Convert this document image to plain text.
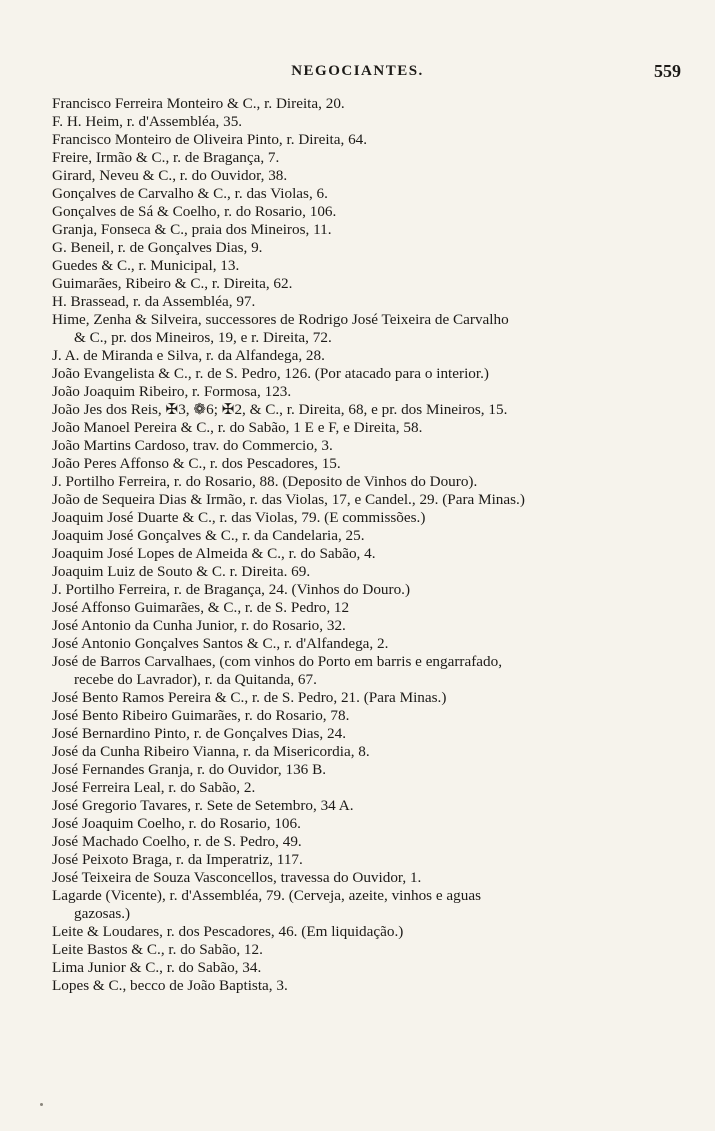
NEGOCIANTES.	559
Francisco Ferreira Monteiro & C., r. Direita, 20.
F. H. Heim, r. d'Assembléa, 35.
Francisco Monteiro de Oliveira Pinto, r. Direita, 64.
Freire, Irmão & C., r. de Bragança, 7.
Girard, Neveu & C., r. do Ouvidor, 38.
Gonçalves de Carvalho & C., r. das Violas, 6.
Gonçalves de Sá & Coelho, r. do Rosario, 106.
Granja, Fonseca & C., praia dos Mineiros, 11.
G. Beneil, r. de Gonçalves Dias, 9.
Guedes & C., r. Municipal, 13.
Guimarães, Ribeiro & C., r. Direita, 62.
H. Brassead, r. da Assembléa, 97.
Hime, Zenha & Silveira, successores de Rodrigo José Teixeira de Carvalho
& C., pr. dos Mineiros, 19, e r. Direita, 72.
J. A. de Miranda e Silva, r. da Alfandega, 28.
João Evangelista & C., r. de S. Pedro, 126. (Por atacado para o interior.)
João Joaquim Ribeiro, r. Formosa, 123.
João Jes dos Reis, ✠3, ❁6; ✠2, & C., r. Direita, 68, e pr. dos Mineiros, 15.
João Manoel Pereira & C., r. do Sabão, 1 E e F, e Direita, 58.
João Martins Cardoso, trav. do Commercio, 3.
João Peres Affonso & C., r. dos Pescadores, 15.
J. Portilho Ferreira, r. do Rosario, 88. (Deposito de Vinhos do Douro).
João de Sequeira Dias & Irmão, r. das Violas, 17, e Candel., 29. (Para Minas.)
Joaquim José Duarte & C., r. das Violas, 79. (E commissões.)
Joaquim José Gonçalves & C., r. da Candelaria, 25.
Joaquim José Lopes de Almeida & C., r. do Sabão, 4.
Joaquim Luiz de Souto & C. r. Direita. 69.
J. Portilho Ferreira, r. de Bragança, 24. (Vinhos do Douro.)
José Affonso Guimarães, & C., r. de S. Pedro, 12
José Antonio da Cunha Junior, r. do Rosario, 32.
José Antonio Gonçalves Santos & C., r. d'Alfandega, 2.
José de Barros Carvalhaes, (com vinhos do Porto em barris e engarrafado,
recebe do Lavrador), r. da Quitanda, 67.
José Bento Ramos Pereira & C., r. de S. Pedro, 21. (Para Minas.)
José Bento Ribeiro Guimarães, r. do Rosario, 78.
José Bernardino Pinto, r. de Gonçalves Dias, 24.
José da Cunha Ribeiro Vianna, r. da Misericordia, 8.
José Fernandes Granja, r. do Ouvidor, 136 B.
José Ferreira Leal, r. do Sabão, 2.
José Gregorio Tavares, r. Sete de Setembro, 34 A.
José Joaquim Coelho, r. do Rosario, 106.
José Machado Coelho, r. de S. Pedro, 49.
José Peixoto Braga, r. da Imperatriz, 117.
José Teixeira de Souza Vasconcellos, travessa do Ouvidor, 1.
Lagarde (Vicente), r. d'Assembléa, 79. (Cerveja, azeite, vinhos e aguas
gazosas.)
Leite & Loudares, r. dos Pescadores, 46. (Em liquidação.)
Leite Bastos & C., r. do Sabão, 12.
Lima Junior & C., r. do Sabão, 34.
Lopes & C., becco de João Baptista, 3.
